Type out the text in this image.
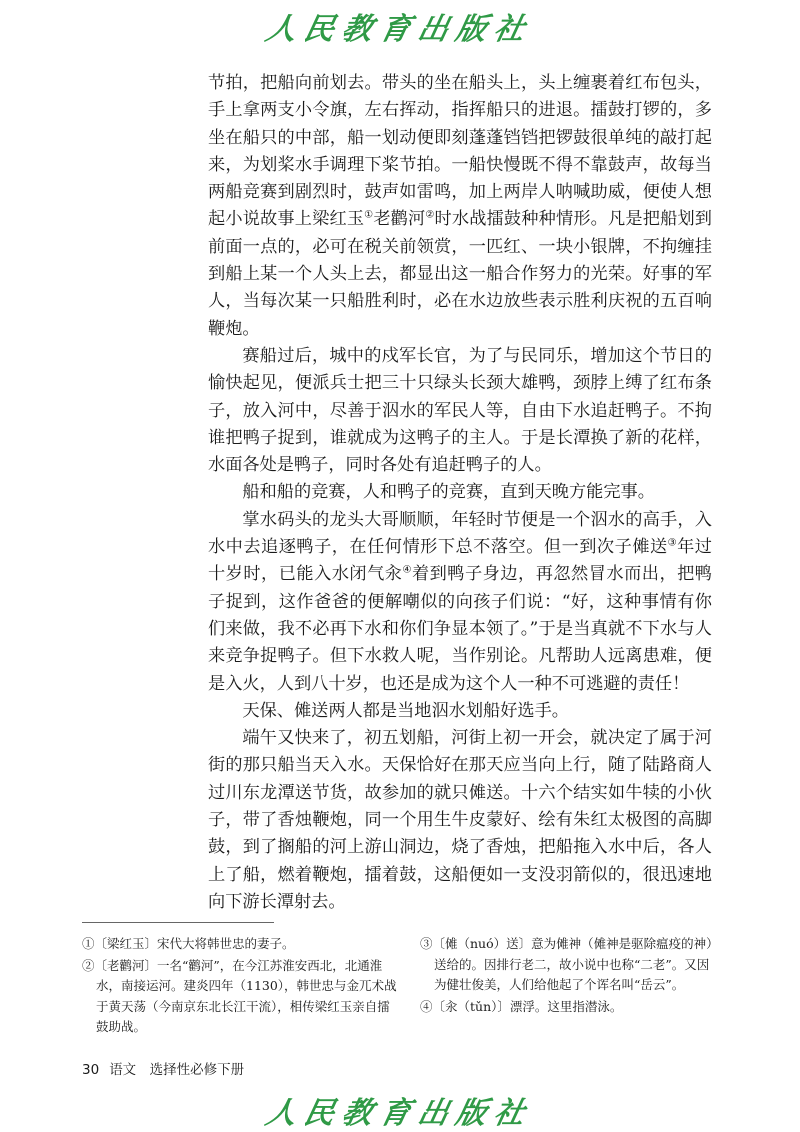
人民教育出版社

节拍，把船向前划去。带头的坐在船头上，头上缠裹着红布包头，手上拿两支小令旗，左右挥动，指挥船只的进退。擂鼓打锣的，多坐在船只的中部，船一划动便即刻蓬蓬铛铛把锣鼓很单纯的敲打起来，为划桨水手调理下桨节拍。一船快慢既不得不靠鼓声，故每当两船竞赛到剧烈时，鼓声如雷鸣，加上两岸人呐喊助威，便使人想起小说故事上梁红玉①老鹳河②时水战擂鼓种种情形。凡是把船划到前面一点的，必可在税关前领赏，一匹红、一块小银牌，不拘缠挂到船上某一个人头上去，都显出这一船合作努力的光荣。好事的军人，当每次某一只船胜利时，必在水边放些表示胜利庆祝的五百响鞭炮。

赛船过后，城中的戍军长官，为了与民同乐，增加这个节日的愉快起见，便派兵士把三十只绿头长颈大雄鸭，颈脖上缚了红布条子，放入河中，尽善于泅水的军民人等，自由下水追赶鸭子。不拘谁把鸭子捉到，谁就成为这鸭子的主人。于是长潭换了新的花样，水面各处是鸭子，同时各处有追赶鸭子的人。

船和船的竞赛，人和鸭子的竞赛，直到天晚方能完事。

掌水码头的龙头大哥顺顺，年轻时节便是一个泅水的高手，入水中去追逐鸭子，在任何情形下总不落空。但一到次子傩送③年过十岁时，已能入水闭气汆④着到鸭子身边，再忽然冒水而出，把鸭子捉到，这作爸爸的便解嘲似的向孩子们说：“好，这种事情有你们来做，我不必再下水和你们争显本领了。”于是当真就不下水与人来竞争捉鸭子。但下水救人呢，当作别论。凡帮助人远离患难，便是入火，人到八十岁，也还是成为这个人一种不可逃避的责任！

天保、傩送两人都是当地泅水划船好选手。

端午又快来了，初五划船，河街上初一开会，就决定了属于河街的那只船当天入水。天保恰好在那天应当向上行，随了陆路商人过川东龙潭送节货，故参加的就只傩送。十六个结实如牛犊的小伙子，带了香烛鞭炮，同一个用生牛皮蒙好、绘有朱红太极图的高脚鼓，到了搁船的河上游山洞边，烧了香烛，把船拖入水中后，各人上了船，燃着鞭炮，擂着鼓，这船便如一支没羽箭似的，很迅速地向下游长潭射去。

①〔梁红玉〕宋代大将韩世忠的妻子。

②〔老鹳河〕一名“鹳河”，在今江苏淮安西北，北通淮水，南接运河。建炎四年（1130），韩世忠与金兀术战于黄天荡（今南京东北长江干流），相传梁红玉亲自擂鼓助战。

③〔傩（nuó）送〕意为傩神（傩神是驱除瘟疫的神）送给的。因排行老二，故小说中也称“二老”。又因为健壮俊美，人们给他起了个诨名叫“岳云”。

④〔汆（tǔn）〕漂浮。这里指潜泳。

30 语文　选择性必修下册
人民教育出版社
